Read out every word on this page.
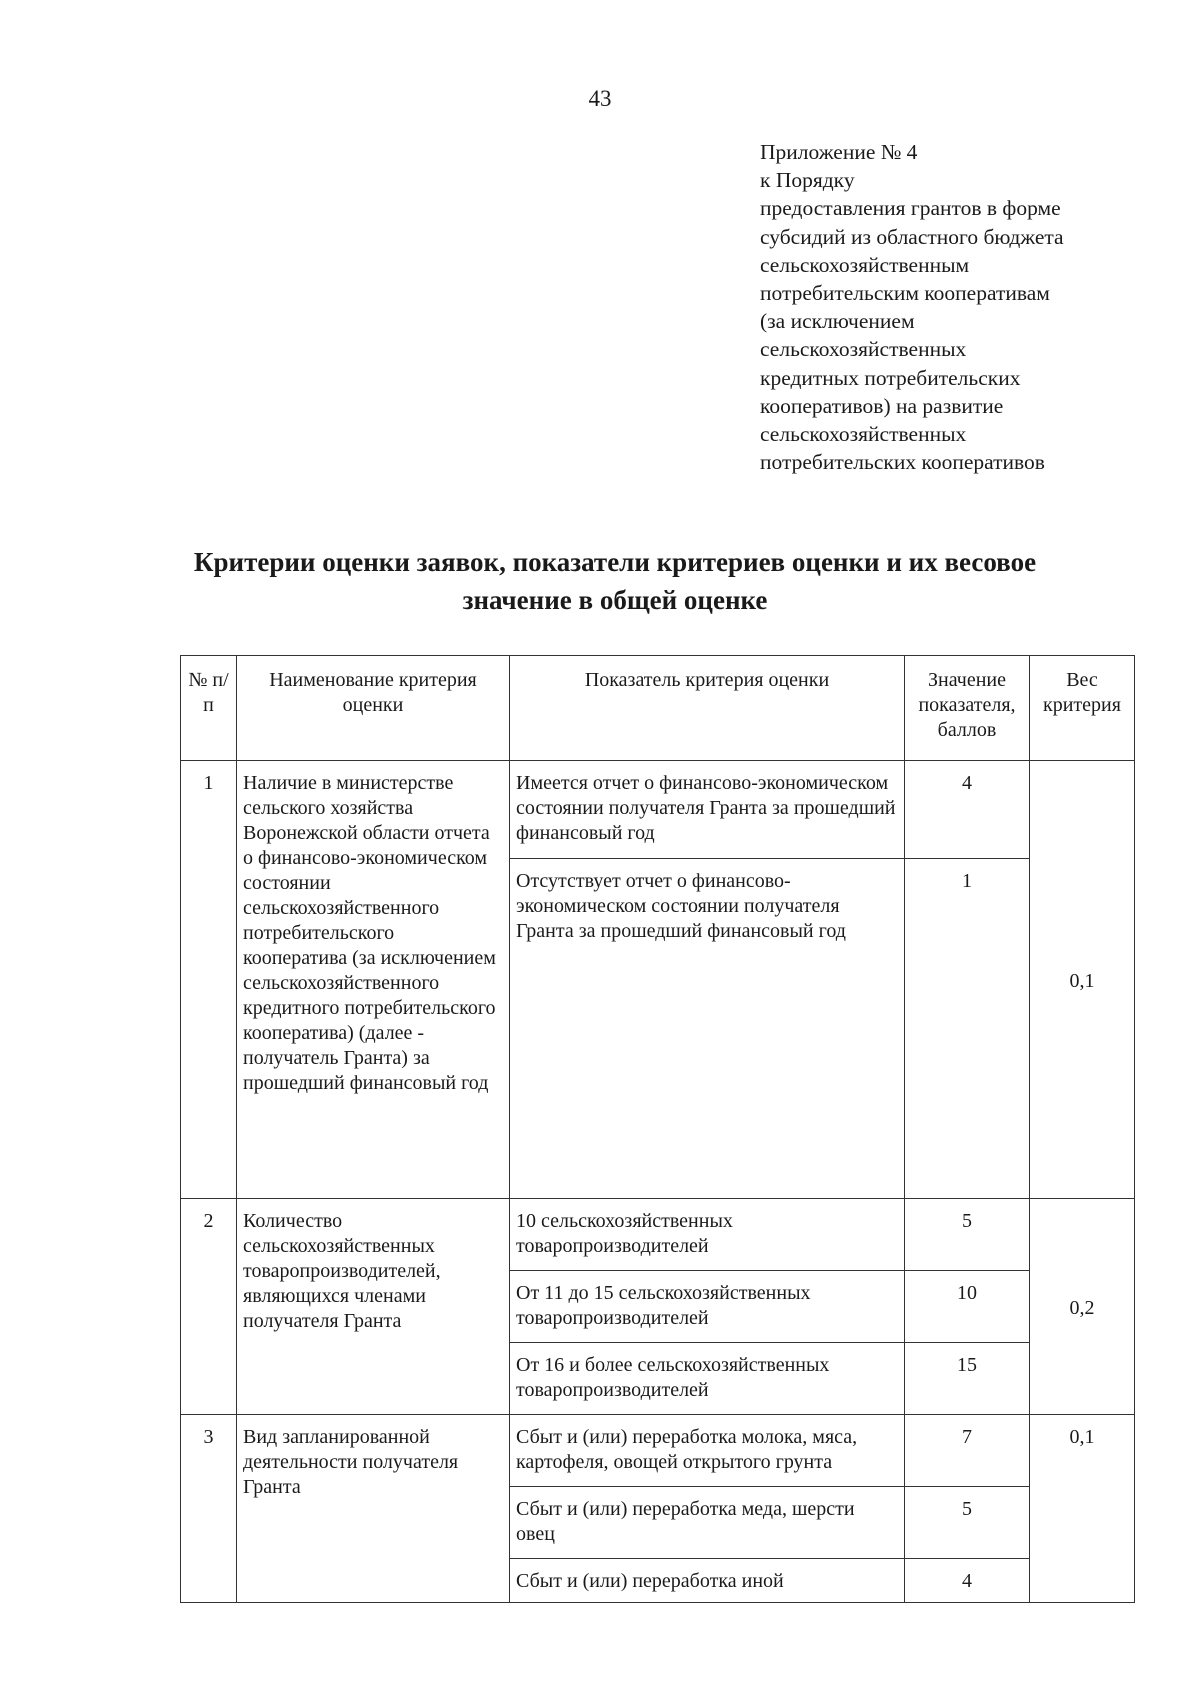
43
Приложение № 4
к Порядку
предоставления грантов в форме
субсидий из областного бюджета
сельскохозяйственным
потребительским кооперативам
(за исключением
сельскохозяйственных
кредитных потребительских
кооперативов) на развитие
сельскохозяйственных
потребительских кооперативов
Критерии оценки заявок, показатели критериев оценки и их весовое
значение в общей оценке
№ п/п	Наименование критерия оценки	Показатель критерия оценки	Значение показателя, баллов	Вес критерия
1	Наличие в министерстве сельского хозяйства Воронежской области отчета о финансово-экономическом состоянии сельскохозяйственного потребительского кооператива (за исключением сельскохозяйственного кредитного потребительского кооператива) (далее - получатель Гранта) за прошедший финансовый год	Имеется отчет о финансово-экономическом состоянии получателя Гранта за прошедший финансовый год	4	0,1
		Отсутствует отчет о финансово-экономическом состоянии получателя Гранта за прошедший финансовый год	1	
2	Количество сельскохозяйственных товаропроизводителей, являющихся членами получателя Гранта	10 сельскохозяйственных товаропроизводителей	5	0,2
		От 11 до 15 сельскохозяйственных товаропроизводителей	10	
		От 16 и более сельскохозяйственных товаропроизводителей	15	
3	Вид запланированной деятельности получателя Гранта	Сбыт и (или) переработка молока, мяса, картофеля, овощей открытого грунта	7	0,1
		Сбыт и (или) переработка меда, шерсти овец	5	
		Сбыт и (или) переработка иной	4	
